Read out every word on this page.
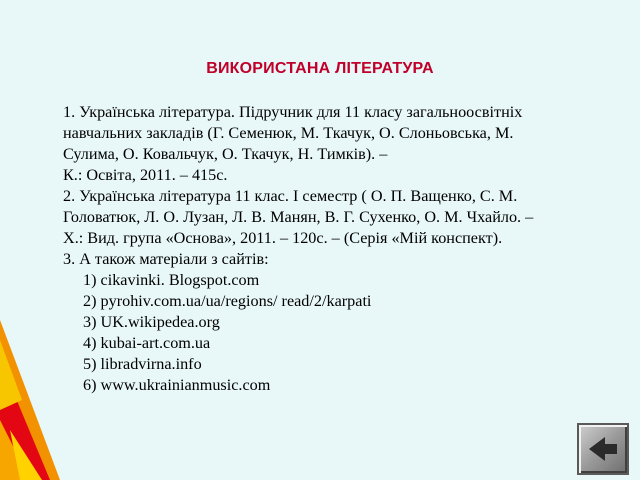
ВИКОРИСТАНА ЛІТЕРАТУРА
1. Українська література. Підручник для 11 класу загальноосвітніх
навчальних закладів (Г. Семенюк, М. Ткачук, О. Слоньовська, М.
Сулима, О. Ковальчук, О. Ткачук, Н. Тимків). –
К.: Освіта, 2011. – 415с.
2. Українська література 11 клас. І семестр ( О. П. Ващенко, С. М.
Головатюк, Л. О. Лузан, Л. В. Манян, В. Г. Сухенко, О. М. Чхайло. –
Х.: Вид. група «Основа», 2011. – 120с. – (Серія «Мій конспект).
3. А також матеріали з сайтів:
1) cikavinki. Blogspot.com
2) pyrohiv.com.ua/ua/regions/ read/2/karpati
3) UK.wikipedea.org
4) kubai-art.com.ua
5) libradvirna.info
6) www.ukrainianmusic.com
